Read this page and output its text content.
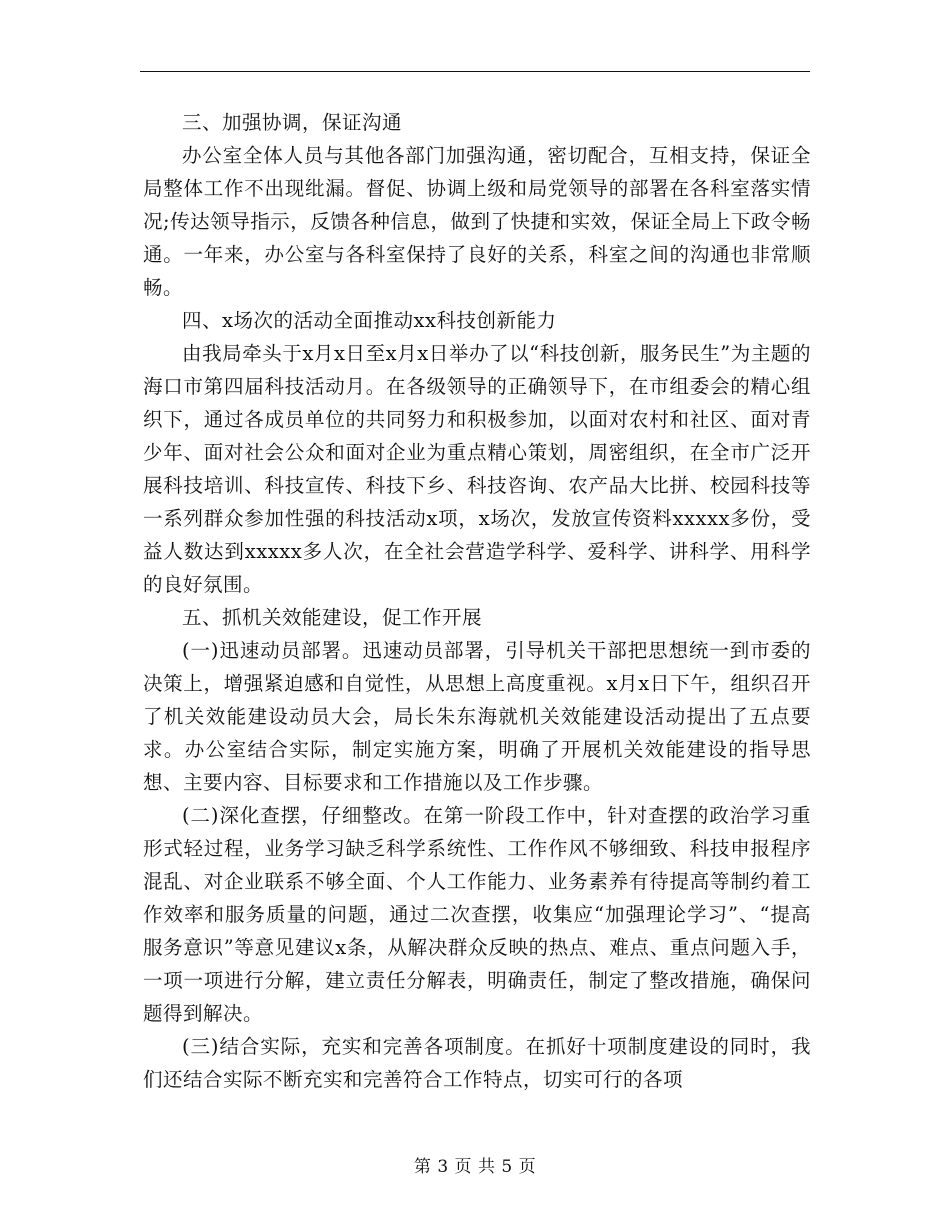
三、加强协调，保证沟通

办公室全体人员与其他各部门加强沟通，密切配合，互相支持，保证全局整体工作不出现纰漏。督促、协调上级和局党领导的部署在各科室落实情况;传达领导指示，反馈各种信息，做到了快捷和实效，保证全局上下政令畅通。一年来，办公室与各科室保持了良好的关系，科室之间的沟通也非常顺畅。

四、x场次的活动全面推动xx科技创新能力

由我局牵头于x月x日至x月x日举办了以“科技创新，服务民生”为主题的海口市第四届科技活动月。在各级领导的正确领导下，在市组委会的精心组织下，通过各成员单位的共同努力和积极参加，以面对农村和社区、面对青少年、面对社会公众和面对企业为重点精心策划，周密组织，在全市广泛开展科技培训、科技宣传、科技下乡、科技咨询、农产品大比拼、校园科技等一系列群众参加性强的科技活动x项，x场次，发放宣传资料xxxxx多份，受益人数达到xxxxx多人次，在全社会营造学科学、爱科学、讲科学、用科学的良好氛围。

五、抓机关效能建设，促工作开展

(一)迅速动员部署。迅速动员部署，引导机关干部把思想统一到市委的决策上，增强紧迫感和自觉性，从思想上高度重视。x月x日下午，组织召开了机关效能建设动员大会，局长朱东海就机关效能建设活动提出了五点要求。办公室结合实际，制定实施方案，明确了开展机关效能建设的指导思想、主要内容、目标要求和工作措施以及工作步骤。

(二)深化查摆，仔细整改。在第一阶段工作中，针对查摆的政治学习重形式轻过程，业务学习缺乏科学系统性、工作作风不够细致、科技申报程序混乱、对企业联系不够全面、个人工作能力、业务素养有待提高等制约着工作效率和服务质量的问题，通过二次查摆，收集应“加强理论学习”、“提高服务意识”等意见建议x条，从解决群众反映的热点、难点、重点问题入手，一项一项进行分解，建立责任分解表，明确责任，制定了整改措施，确保问题得到解决。

(三)结合实际，充实和完善各项制度。在抓好十项制度建设的同时，我们还结合实际不断充实和完善符合工作特点，切实可行的各项

第 3 页 共 5 页
